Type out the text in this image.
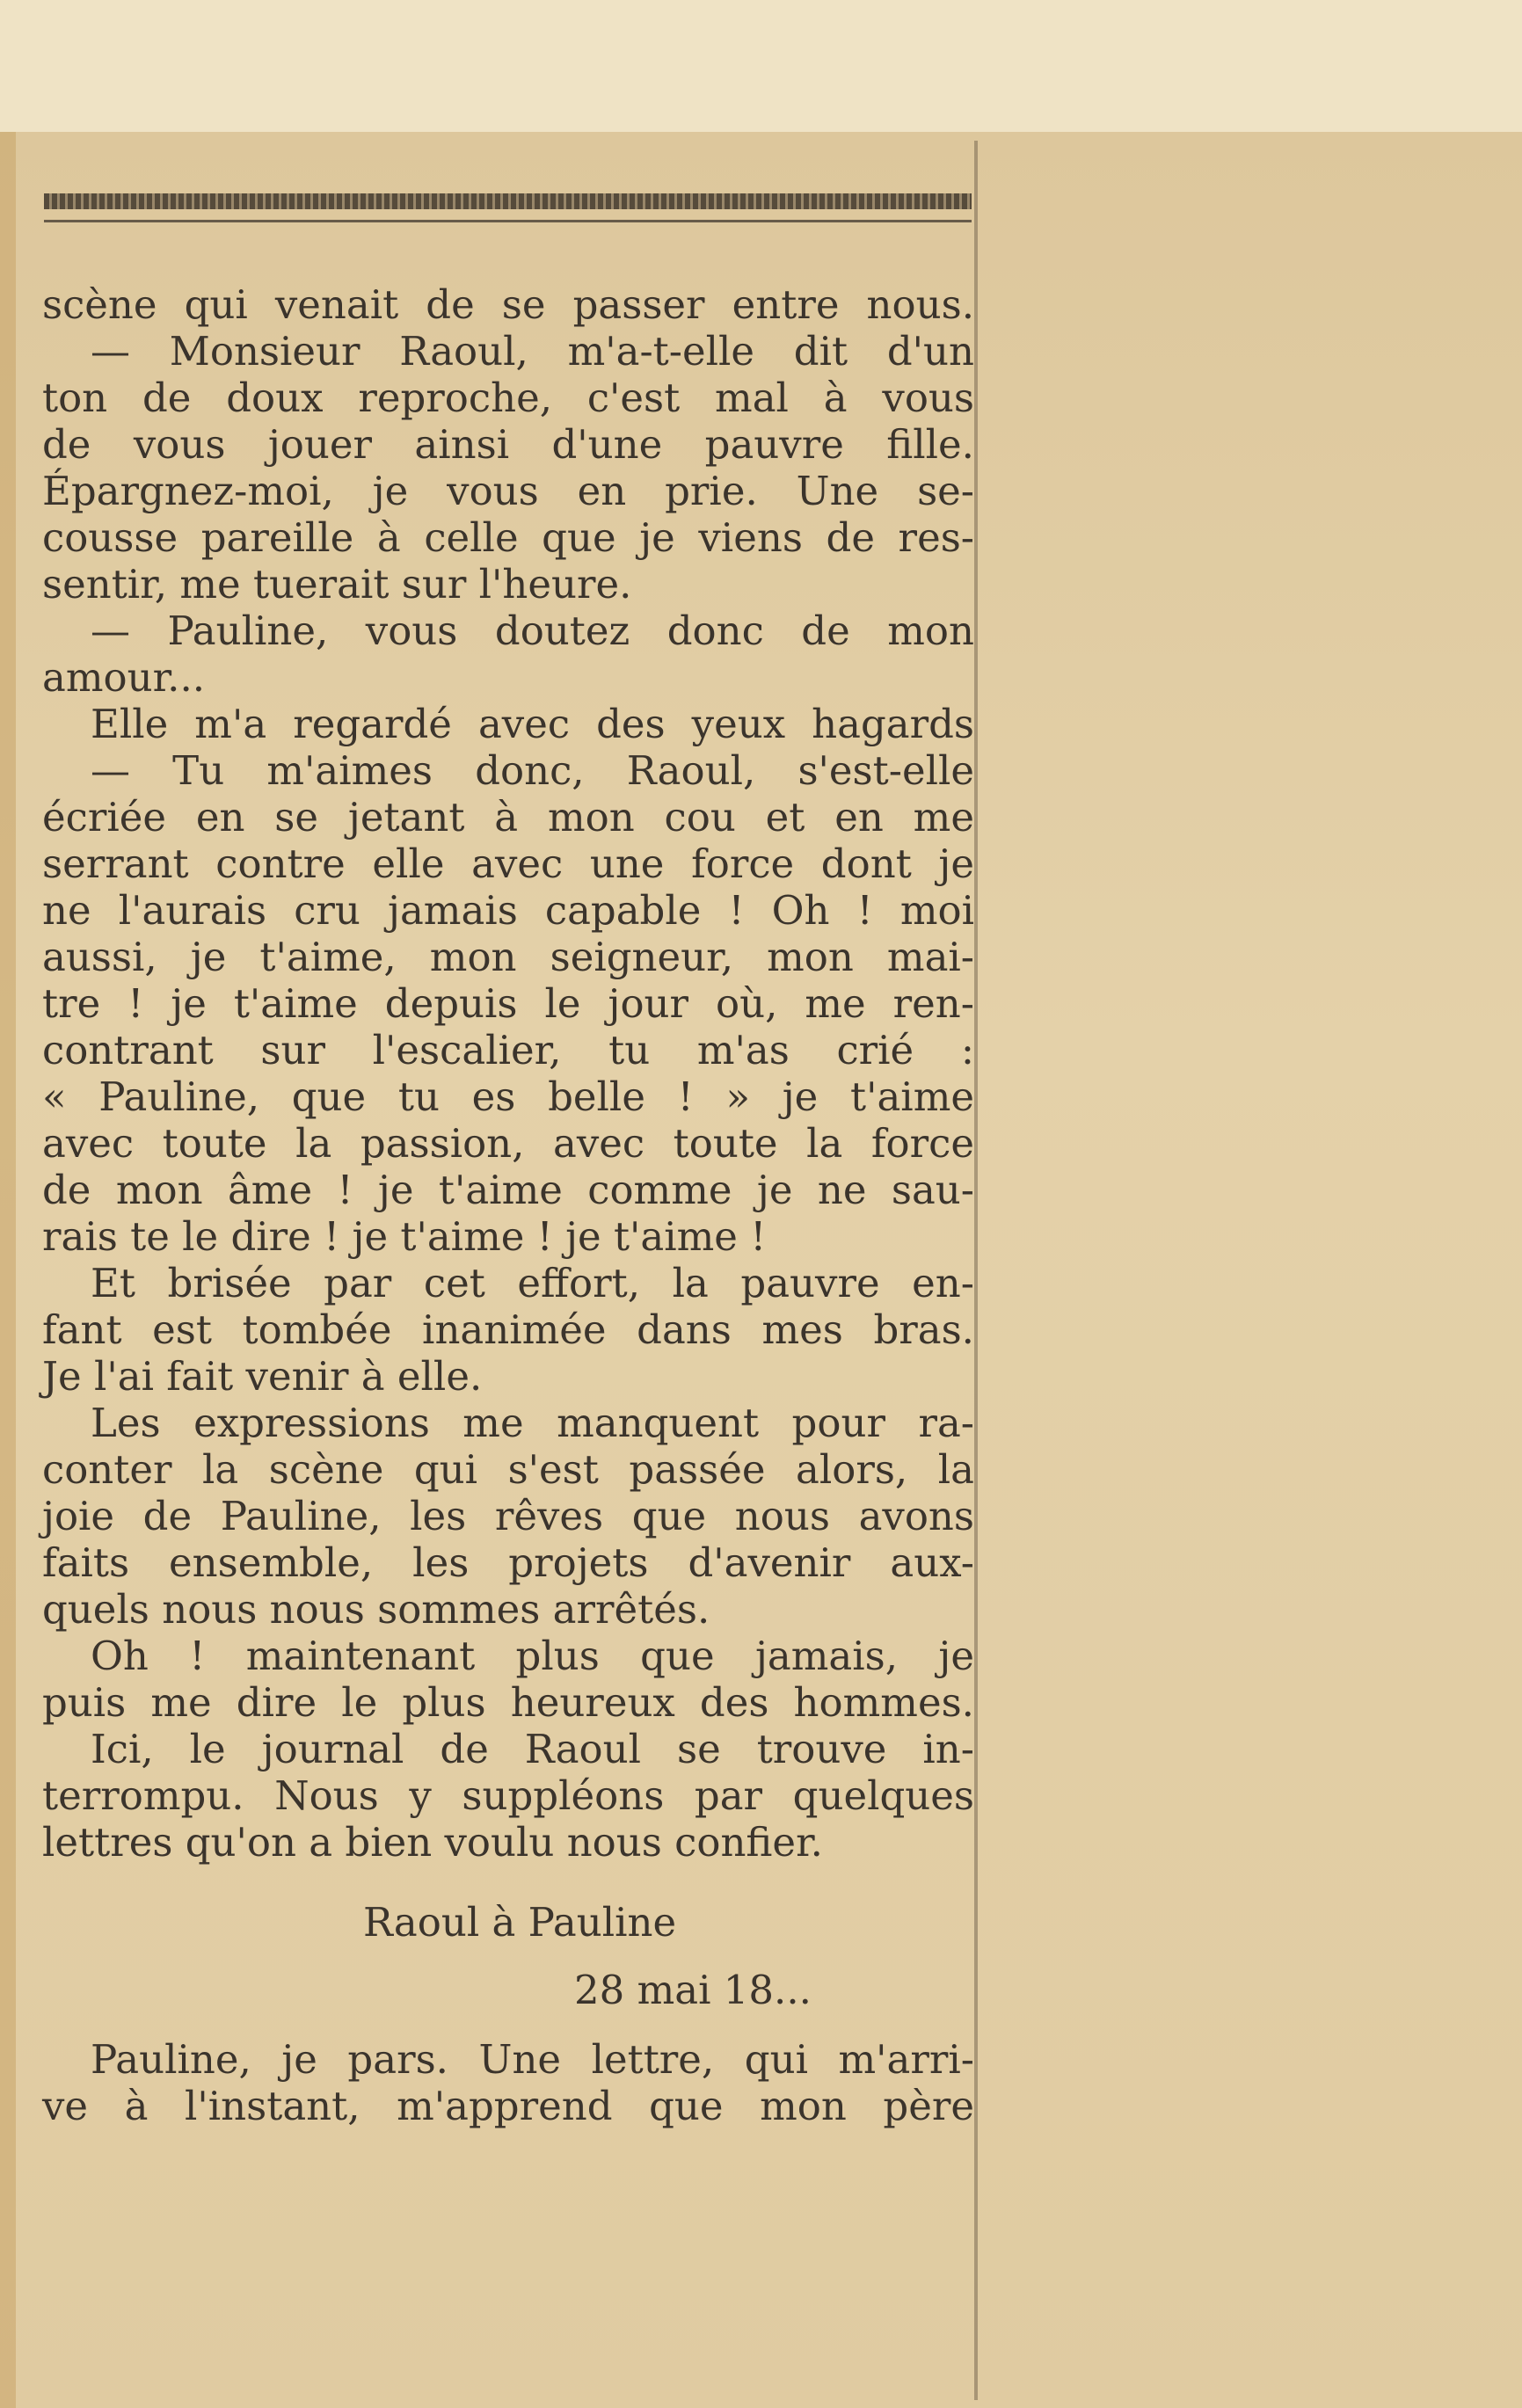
scène qui venait de se passer entre nous.
— Monsieur Raoul, m'a-t-elle dit d'un
ton de doux reproche, c'est mal à vous
de vous jouer ainsi d'une pauvre fille.
Épargnez-moi, je vous en prie. Une se-
cousse pareille à celle que je viens de res-
sentir, me tuerait sur l'heure.
— Pauline, vous doutez donc de mon
amour...
Elle m'a regardé avec des yeux hagards
— Tu m'aimes donc, Raoul, s'est-elle
écriée en se jetant à mon cou et en me
serrant contre elle avec une force dont je
ne l'aurais cru jamais capable ! Oh ! moi
aussi, je t'aime, mon seigneur, mon mai-
tre ! je t'aime depuis le jour où, me ren-
contrant sur l'escalier, tu m'as crié :
« Pauline, que tu es belle ! » je t'aime
avec toute la passion, avec toute la force
de mon âme ! je t'aime comme je ne sau-
rais te le dire ! je t'aime ! je t'aime !
Et brisée par cet effort, la pauvre en-
fant est tombée inanimée dans mes bras.
Je l'ai fait venir à elle.
Les expressions me manquent pour ra-
conter la scène qui s'est passée alors, la
joie de Pauline, les rêves que nous avons
faits ensemble, les projets d'avenir aux-
quels nous nous sommes arrêtés.
Oh ! maintenant plus que jamais, je
puis me dire le plus heureux des hommes.
Ici, le journal de Raoul se trouve in-
terrompu. Nous y suppléons par quelques
lettres qu'on a bien voulu nous confier.
Raoul à Pauline
28 mai 18...
Pauline, je pars. Une lettre, qui m'arri-
ve à l'instant, m'apprend que mon père
